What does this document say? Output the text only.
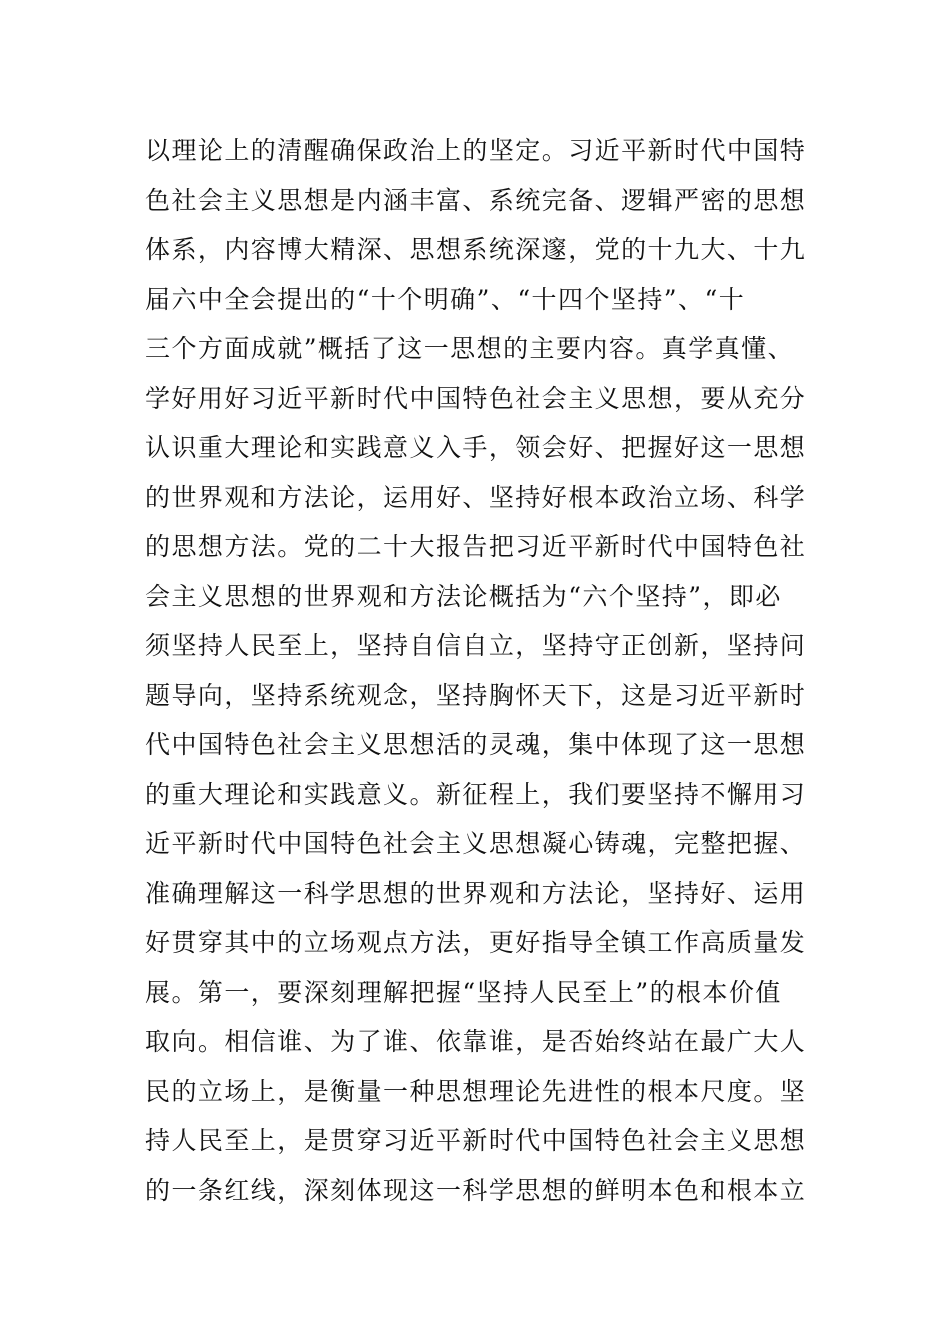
以理论上的清醒确保政治上的坚定。习近平新时代中国特
色社会主义思想是内涵丰富、系统完备、逻辑严密的思想
体系，内容博大精深、思想系统深邃，党的十九大、十九
届六中全会提出的“十个明确”、“十四个坚持”、“十
三个方面成就”概括了这一思想的主要内容。真学真懂、
学好用好习近平新时代中国特色社会主义思想，要从充分
认识重大理论和实践意义入手，领会好、把握好这一思想
的世界观和方法论，运用好、坚持好根本政治立场、科学
的思想方法。党的二十大报告把习近平新时代中国特色社
会主义思想的世界观和方法论概括为“六个坚持”，即必
须坚持人民至上，坚持自信自立，坚持守正创新，坚持问
题导向，坚持系统观念，坚持胸怀天下，这是习近平新时
代中国特色社会主义思想活的灵魂，集中体现了这一思想
的重大理论和实践意义。新征程上，我们要坚持不懈用习
近平新时代中国特色社会主义思想凝心铸魂，完整把握、
准确理解这一科学思想的世界观和方法论，坚持好、运用
好贯穿其中的立场观点方法，更好指导全镇工作高质量发
展。第一，要深刻理解把握“坚持人民至上”的根本价值
取向。相信谁、为了谁、依靠谁，是否始终站在最广大人
民的立场上，是衡量一种思想理论先进性的根本尺度。坚
持人民至上，是贯穿习近平新时代中国特色社会主义思想
的一条红线，深刻体现这一科学思想的鲜明本色和根本立
